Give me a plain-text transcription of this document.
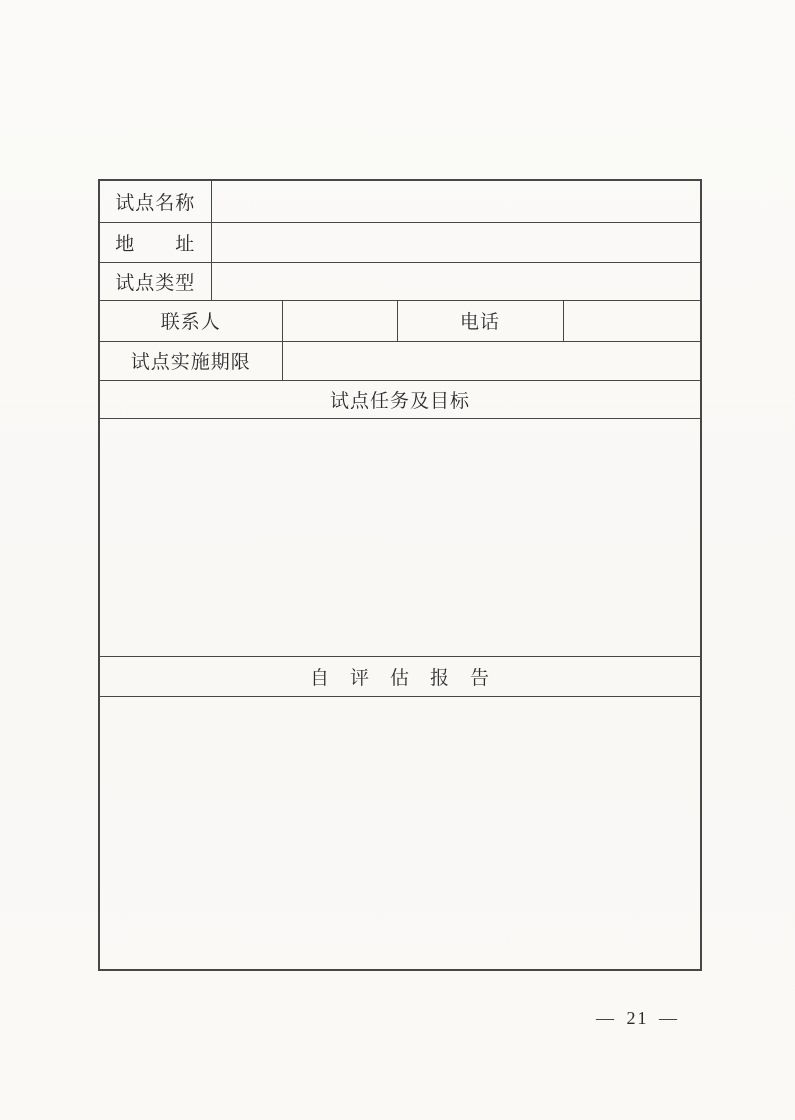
试点名称				
地　　址				
试点类型				
联系人			电话	
试点实施期限				
试点任务及目标				

自　评　估　报　告				

— 21 —
